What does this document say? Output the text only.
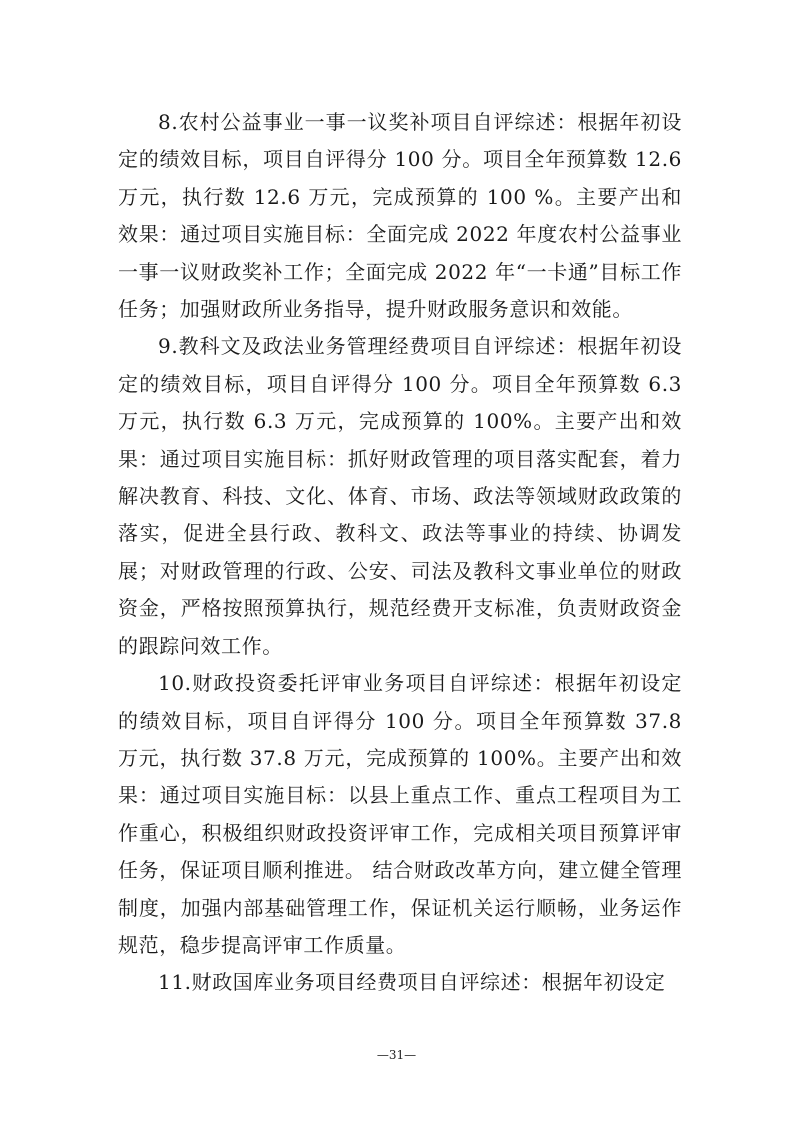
8.农村公益事业一事一议奖补项目自评综述：根据年初设定的绩效目标，项目自评得分 100 分。项目全年预算数 12.6 万元，执行数 12.6 万元，完成预算的 100 %。主要产出和效果：通过项目实施目标：全面完成 2022 年度农村公益事业一事一议财政奖补工作；全面完成 2022 年“一卡通”目标工作任务；加强财政所业务指导，提升财政服务意识和效能。

9.教科文及政法业务管理经费项目自评综述：根据年初设定的绩效目标，项目自评得分 100 分。项目全年预算数 6.3 万元，执行数 6.3 万元，完成预算的 100%。主要产出和效果：通过项目实施目标：抓好财政管理的项目落实配套，着力解决教育、科技、文化、体育、市场、政法等领域财政政策的落实，促进全县行政、教科文、政法等事业的持续、协调发展；对财政管理的行政、公安、司法及教科文事业单位的财政资金，严格按照预算执行，规范经费开支标准，负责财政资金的跟踪问效工作。

10.财政投资委托评审业务项目自评综述：根据年初设定的绩效目标，项目自评得分 100 分。项目全年预算数 37.8 万元，执行数 37.8 万元，完成预算的 100%。主要产出和效果：通过项目实施目标：以县上重点工作、重点工程项目为工作重心，积极组织财政投资评审工作，完成相关项目预算评审任务，保证项目顺利推进。 结合财政改革方向，建立健全管理制度，加强内部基础管理工作，保证机关运行顺畅，业务运作规范，稳步提高评审工作质量。

11.财政国库业务项目经费项目自评综述：根据年初设定

—31—
